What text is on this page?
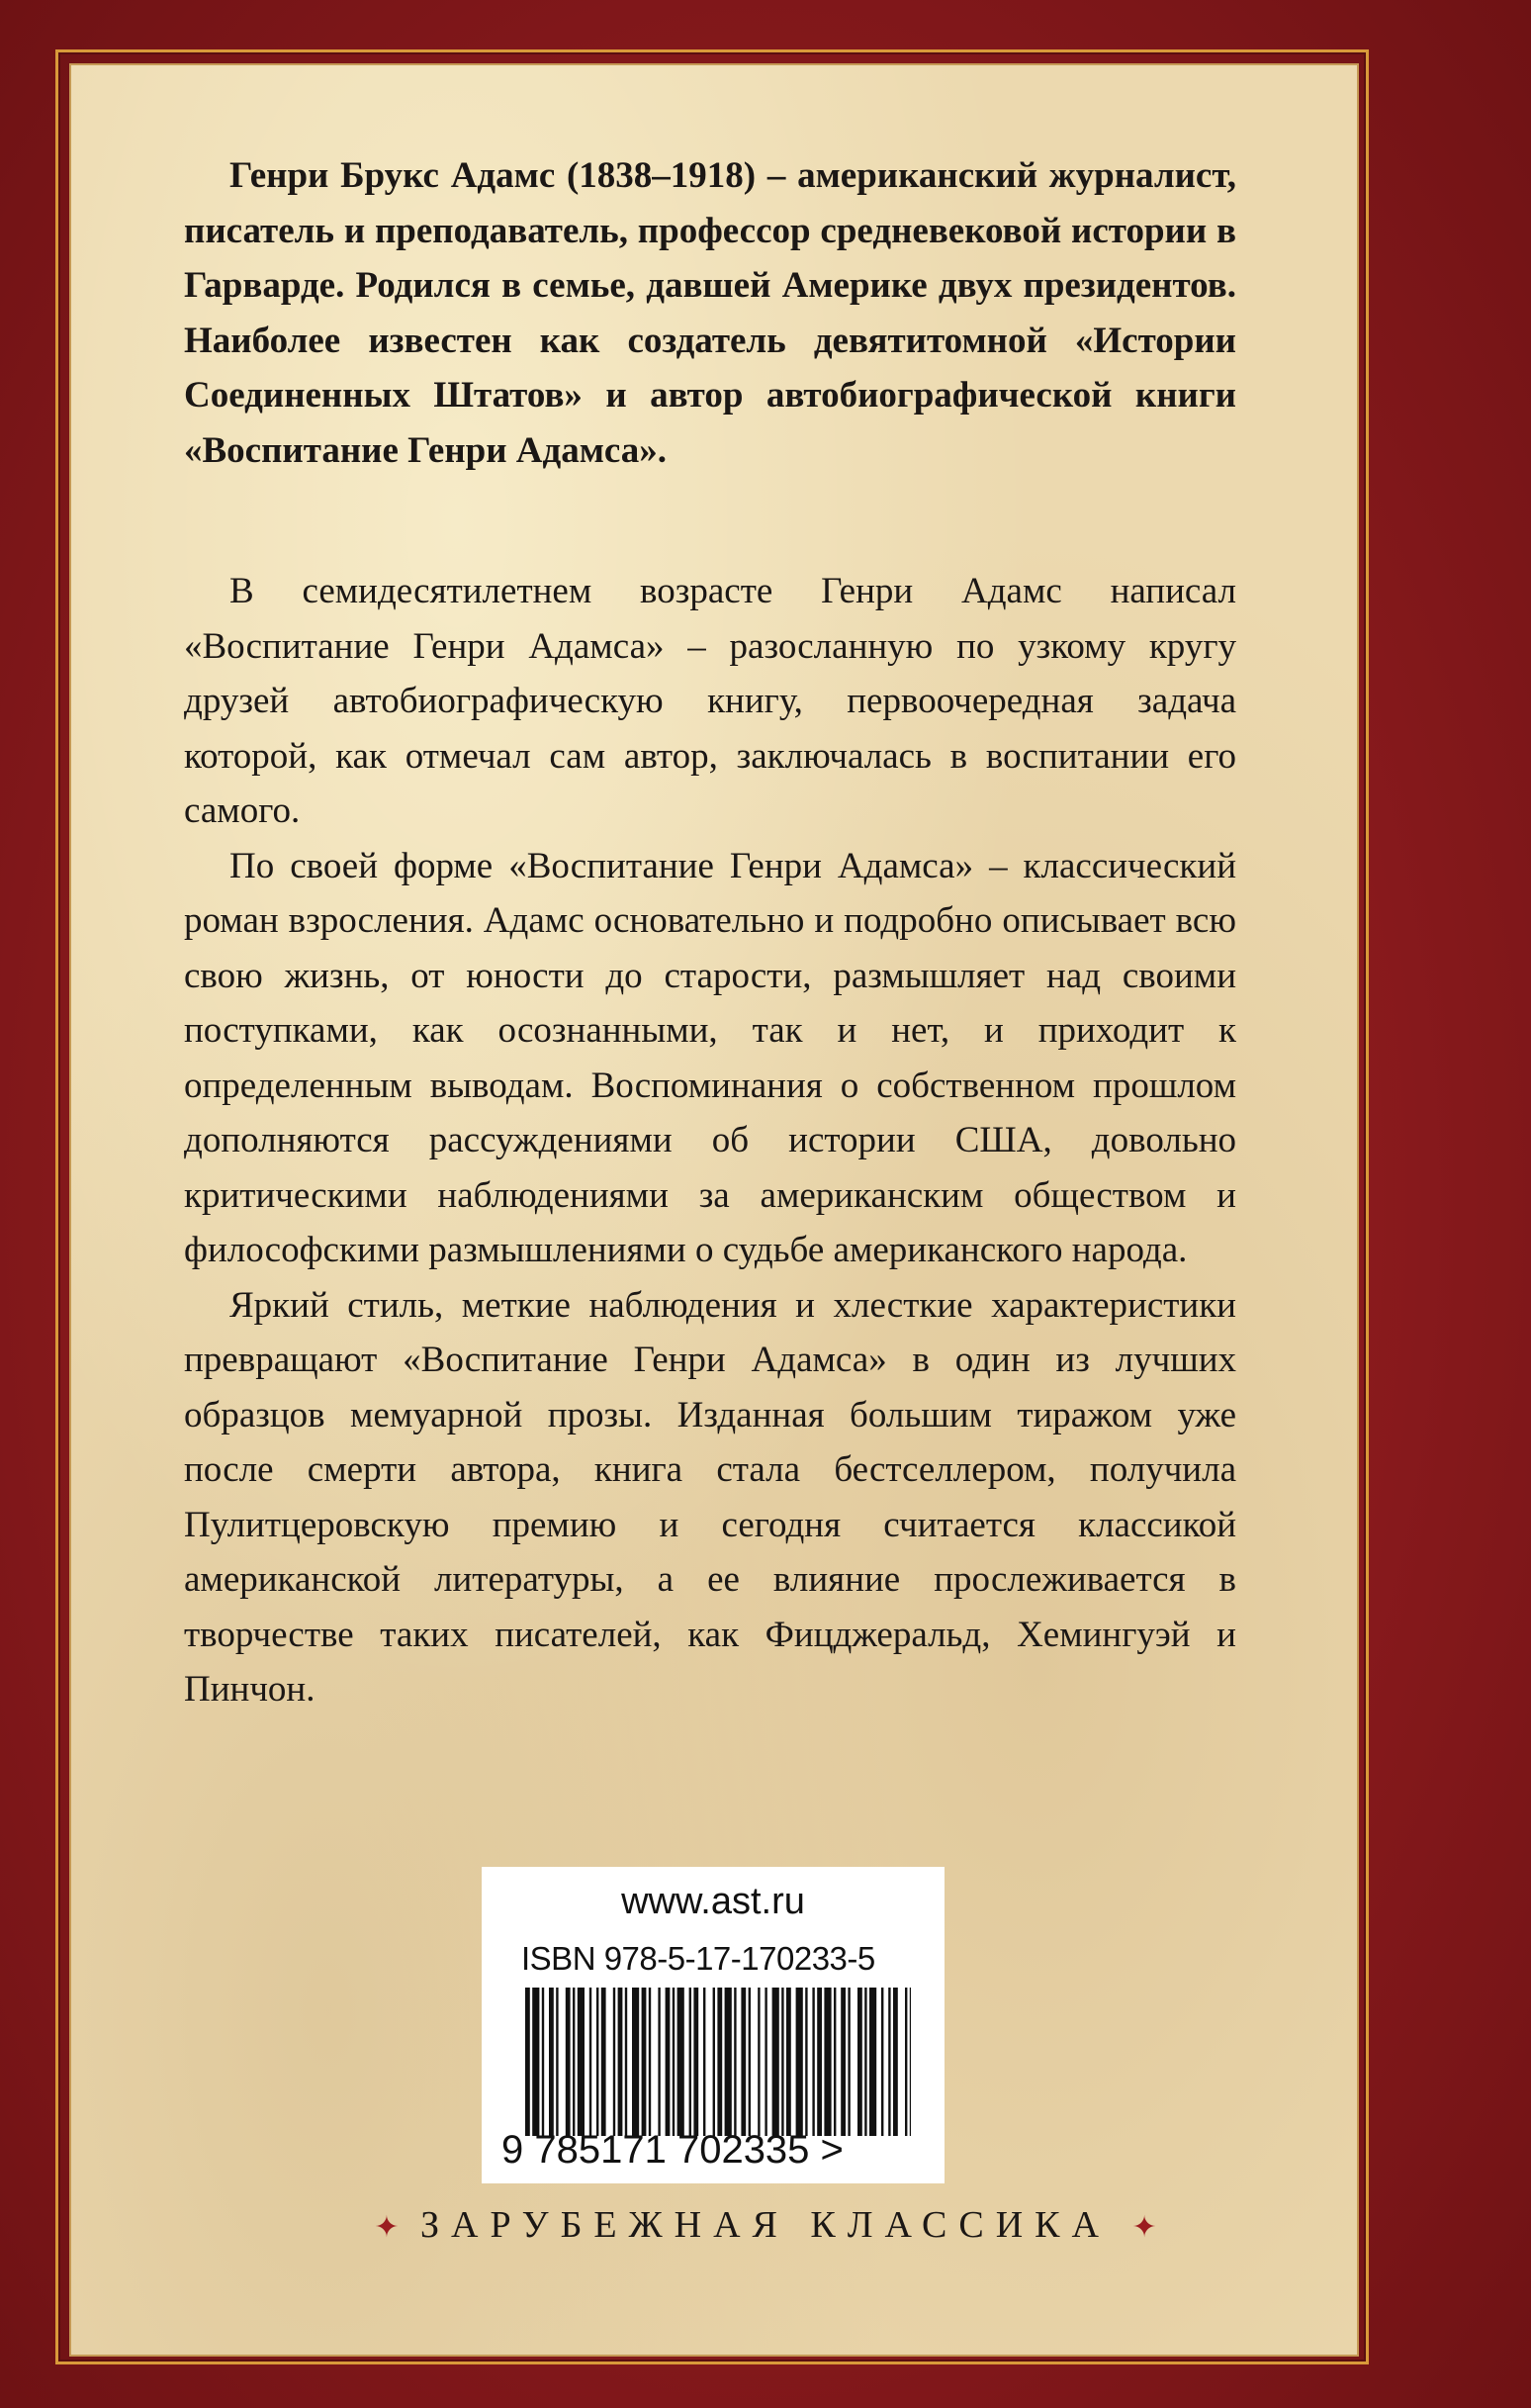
Генри Брукс Адамс (1838–1918) – американский журналист, писатель и преподаватель, профессор средневековой истории в Гарварде. Родился в семье, давшей Америке двух президентов. Наиболее известен как создатель девятитомной «Истории Соединенных Штатов» и автор автобиографической книги «Воспитание Генри Адамса».

В семидесятилетнем возрасте Генри Адамс написал «Воспитание Генри Адамса» – разосланную по узкому кругу друзей автобиографическую книгу, первоочередная задача которой, как отмечал сам автор, заключалась в воспитании его самого.

По своей форме «Воспитание Генри Адамса» – классический роман взросления. Адамс основательно и подробно описывает всю свою жизнь, от юности до старости, размышляет над своими поступками, как осознанными, так и нет, и приходит к определенным выводам. Воспоминания о собственном прошлом дополняются рассуждениями об истории США, довольно критическими наблюдениями за американским обществом и философскими размышлениями о судьбе американского народа.

Яркий стиль, меткие наблюдения и хлесткие характеристики превращают «Воспитание Генри Адамса» в один из лучших образцов мемуарной прозы. Изданная большим тиражом уже после смерти автора, книга стала бестселлером, получила Пулитцеровскую премию и сегодня считается классикой американской литературы, а ее влияние прослеживается в творчестве таких писателей, как Фицджеральд, Хемингуэй и Пинчон.

www.ast.ru
ISBN 978-5-17-170233-5
9 785171 702335 >
✦ ЗАРУБЕЖНАЯ КЛАССИКА ✦
